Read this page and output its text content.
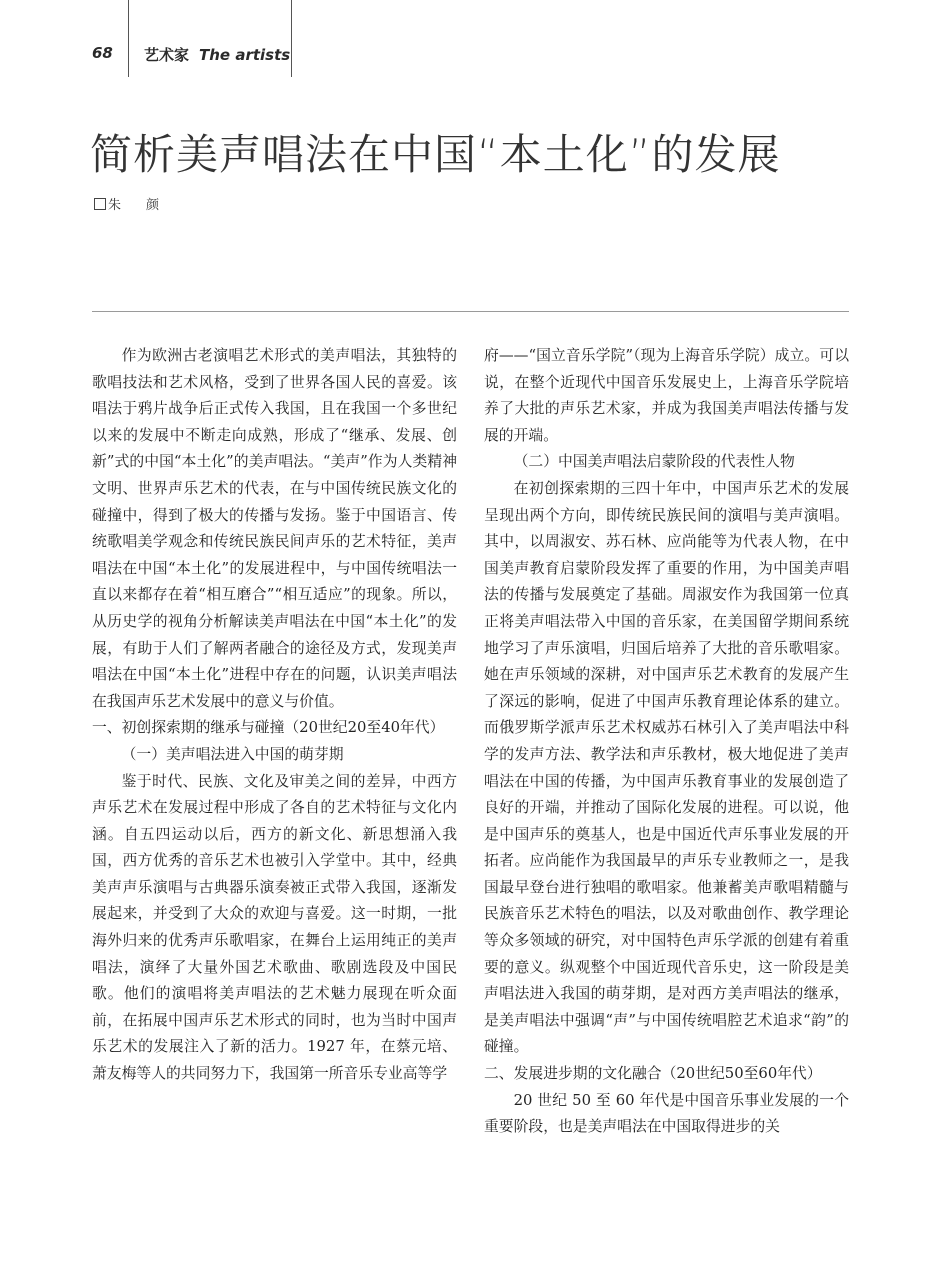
68 艺术家 The artists
简析美声唱法在中国“本土化”的发展
朱　颜

作为欧洲古老演唱艺术形式的美声唱法，其独特的歌唱技法和艺术风格，受到了世界各国人民的喜爱。该唱法于鸦片战争后正式传入我国，且在我国一个多世纪以来的发展中不断走向成熟，形成了“继承、发展、创新”式的中国“本土化”的美声唱法。“美声”作为人类精神文明、世界声乐艺术的代表，在与中国传统民族文化的碰撞中，得到了极大的传播与发扬。鉴于中国语言、传统歌唱美学观念和传统民族民间声乐的艺术特征，美声唱法在中国“本土化”的发展进程中，与中国传统唱法一直以来都存在着“相互磨合”“相互适应”的现象。所以，从历史学的视角分析解读美声唱法在中国“本土化”的发展，有助于人们了解两者融合的途径及方式，发现美声唱法在中国“本土化”进程中存在的问题，认识美声唱法在我国声乐艺术发展中的意义与价值。

一、初创探索期的继承与碰撞（20世纪20至40年代）

（一）美声唱法进入中国的萌芽期

鉴于时代、民族、文化及审美之间的差异，中西方声乐艺术在发展过程中形成了各自的艺术特征与文化内涵。自五四运动以后，西方的新文化、新思想涌入我国，西方优秀的音乐艺术也被引入学堂中。其中，经典美声声乐演唱与古典器乐演奏被正式带入我国，逐渐发展起来，并受到了大众的欢迎与喜爱。这一时期，一批海外归来的优秀声乐歌唱家，在舞台上运用纯正的美声唱法，演绎了大量外国艺术歌曲、歌剧选段及中国民歌。他们的演唱将美声唱法的艺术魅力展现在听众面前，在拓展中国声乐艺术形式的同时，也为当时中国声乐艺术的发展注入了新的活力。1927 年，在蔡元培、萧友梅等人的共同努力下，我国第一所音乐专业高等学

府——“国立音乐学院”（现为上海音乐学院）成立。可以说，在整个近现代中国音乐发展史上，上海音乐学院培养了大批的声乐艺术家，并成为我国美声唱法传播与发展的开端。

（二）中国美声唱法启蒙阶段的代表性人物

在初创探索期的三四十年中，中国声乐艺术的发展呈现出两个方向，即传统民族民间的演唱与美声演唱。其中，以周淑安、苏石林、应尚能等为代表人物，在中国美声教育启蒙阶段发挥了重要的作用，为中国美声唱法的传播与发展奠定了基础。周淑安作为我国第一位真正将美声唱法带入中国的音乐家，在美国留学期间系统地学习了声乐演唱，归国后培养了大批的音乐歌唱家。她在声乐领域的深耕，对中国声乐艺术教育的发展产生了深远的影响，促进了中国声乐教育理论体系的建立。而俄罗斯学派声乐艺术权威苏石林引入了美声唱法中科学的发声方法、教学法和声乐教材，极大地促进了美声唱法在中国的传播，为中国声乐教育事业的发展创造了良好的开端，并推动了国际化发展的进程。可以说，他是中国声乐的奠基人，也是中国近代声乐事业发展的开拓者。应尚能作为我国最早的声乐专业教师之一，是我国最早登台进行独唱的歌唱家。他兼蓄美声歌唱精髓与民族音乐艺术特色的唱法，以及对歌曲创作、教学理论等众多领域的研究，对中国特色声乐学派的创建有着重要的意义。纵观整个中国近现代音乐史，这一阶段是美声唱法进入我国的萌芽期，是对西方美声唱法的继承，是美声唱法中强调“声”与中国传统唱腔艺术追求“韵”的碰撞。

二、发展进步期的文化融合（20世纪50至60年代）

20 世纪 50 至 60 年代是中国音乐事业发展的一个重要阶段，也是美声唱法在中国取得进步的关
